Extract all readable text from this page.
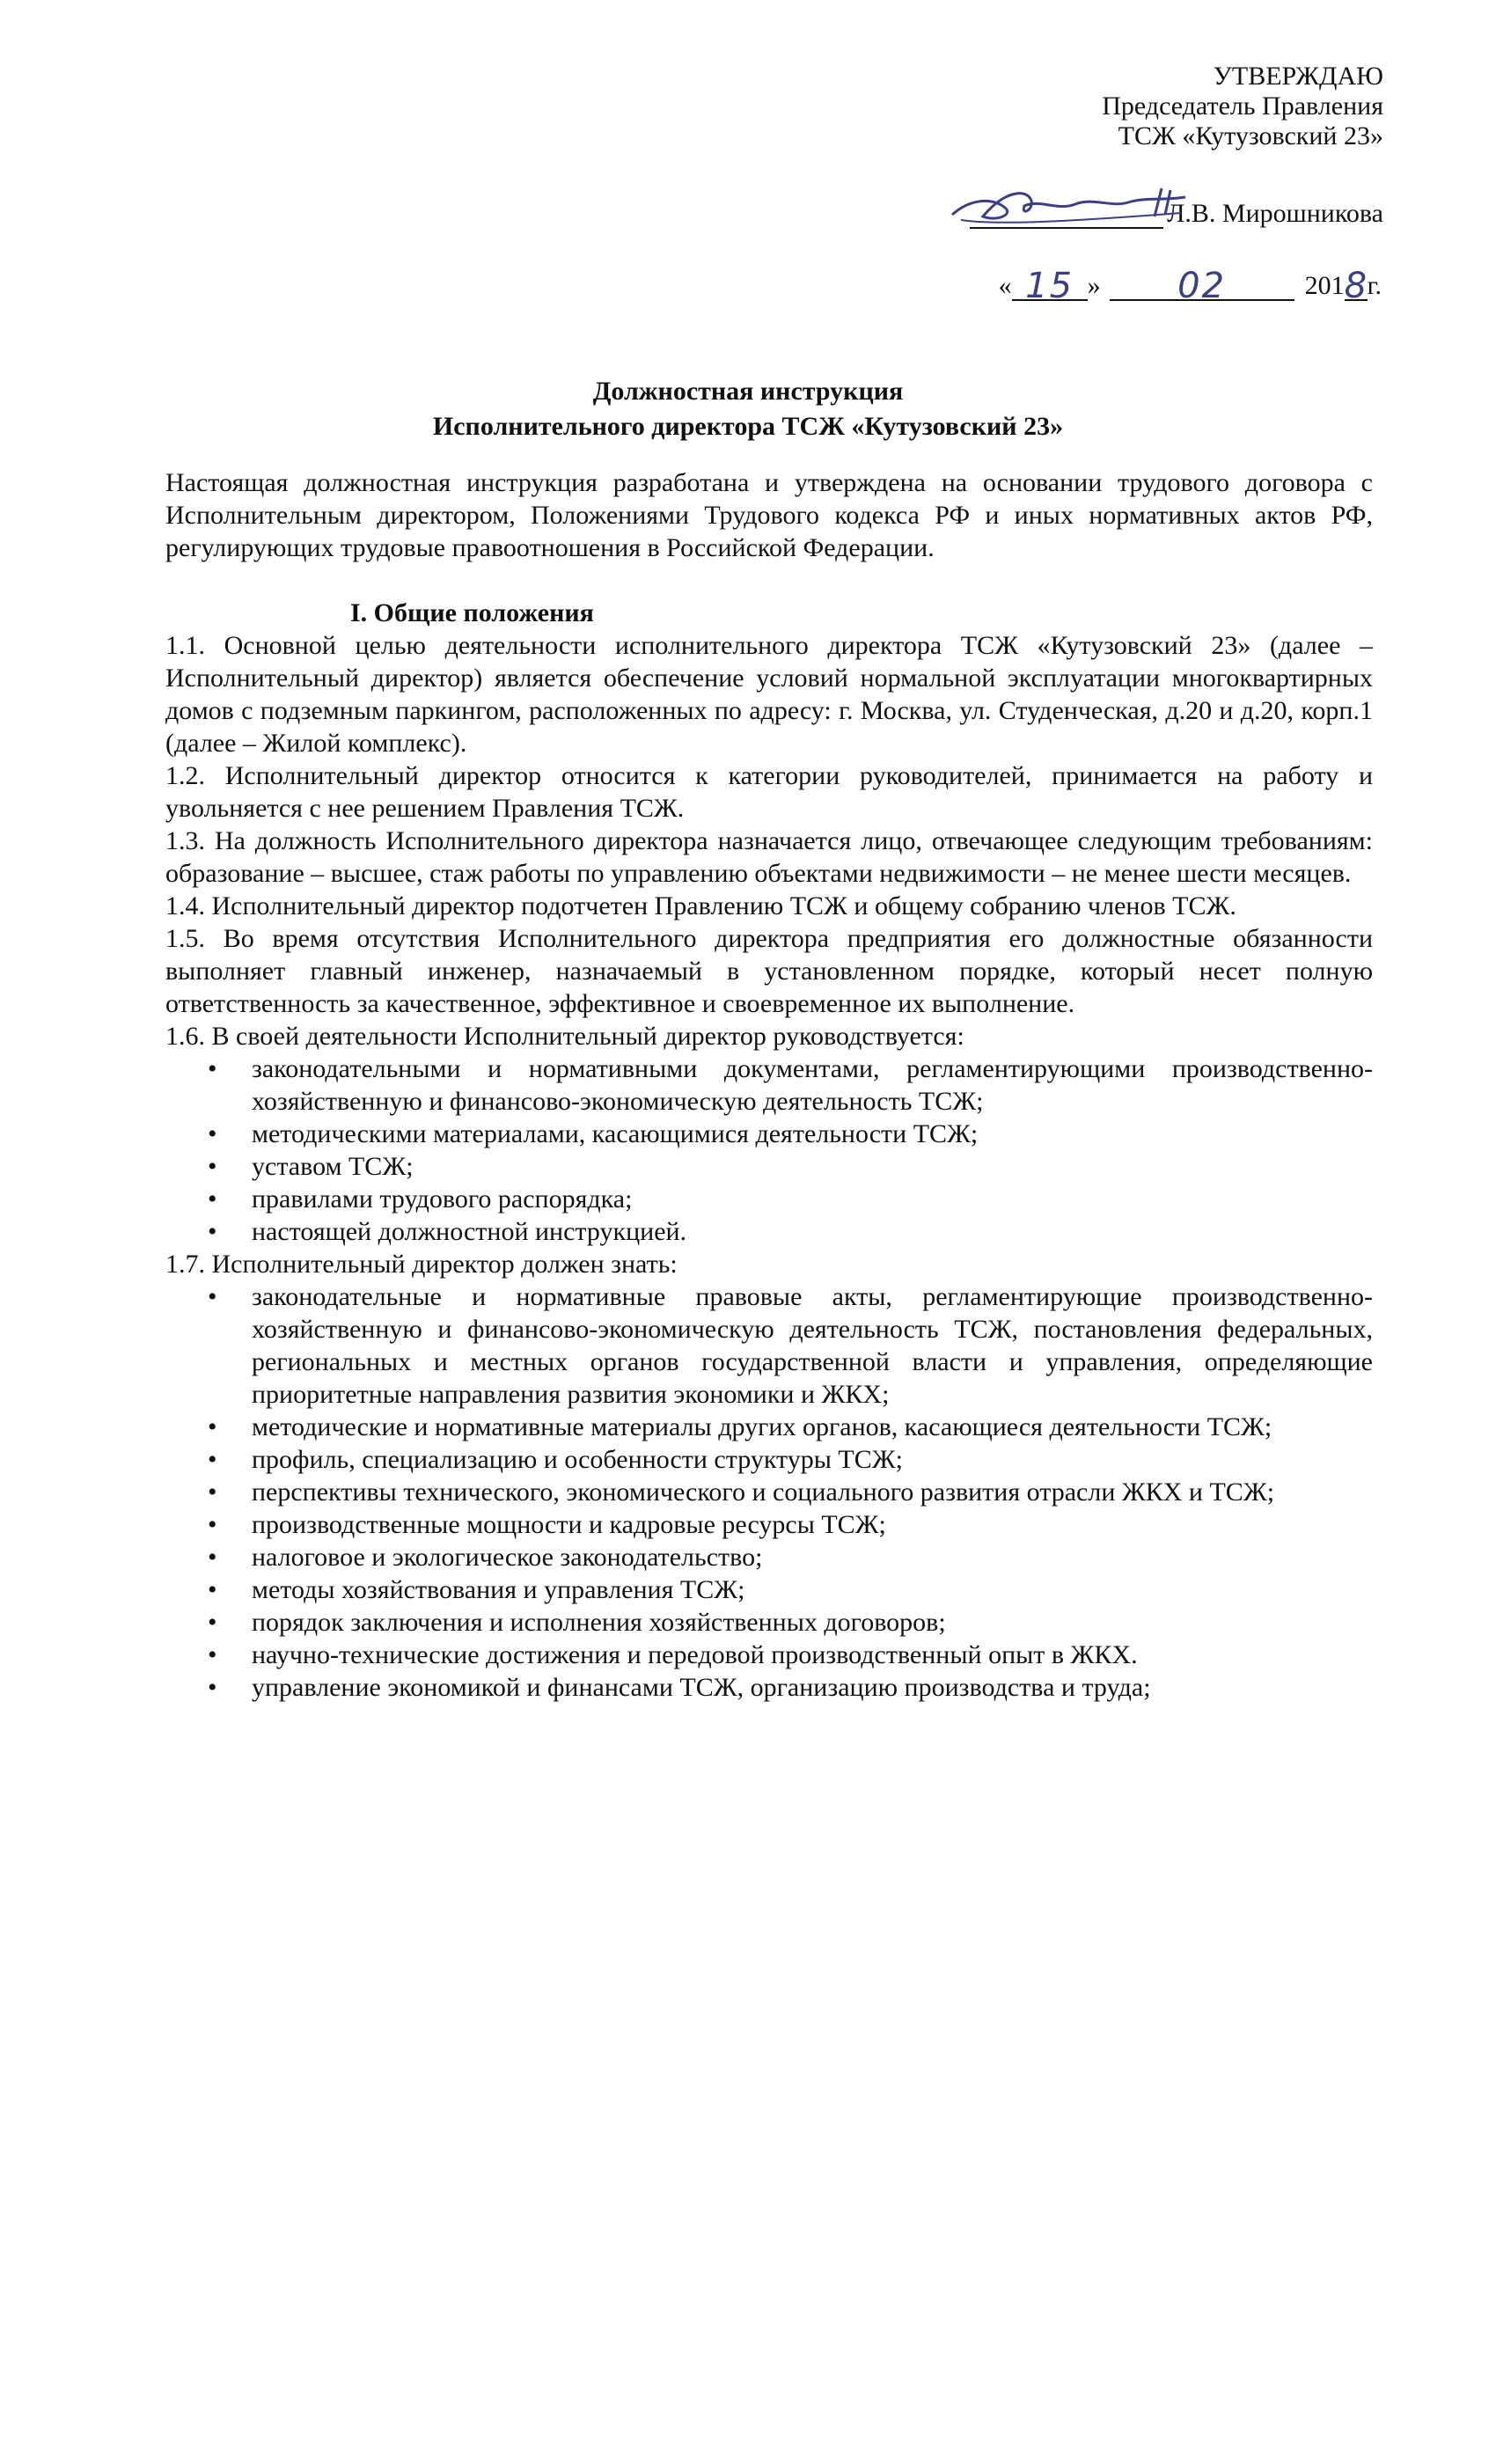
УТВЕРЖДАЮ
Председатель Правления
ТСЖ «Кутузовский 23»
Л.В. Мирошникова
« 15 »	02	201 8
г.
Должностная инструкция
Исполнительного директора ТСЖ «Кутузовский 23»

Настоящая должностная инструкция разработана и утверждена на основании трудового договора с Исполнительным директором, Положениями Трудового кодекса РФ и иных нормативных актов РФ, регулирующих трудовые правоотношения в Российской Федерации.

I. Общие положения

1.1. Основной целью деятельности исполнительного директора ТСЖ «Кутузовский 23» (далее – Исполнительный директор) является обеспечение условий нормальной эксплуатации многоквартирных домов с подземным паркингом, расположенных по адресу: г. Москва, ул. Студенческая, д.20 и д.20, корп.1 (далее – Жилой комплекс).

1.2. Исполнительный директор относится к категории руководителей, принимается на работу и увольняется с нее решением Правления ТСЖ.

1.3. На должность Исполнительного директора назначается лицо, отвечающее следующим требованиям: образование – высшее, стаж работы по управлению объектами недвижимости – не менее шести месяцев.

1.4. Исполнительный директор подотчетен Правлению ТСЖ и общему собранию членов ТСЖ.

1.5. Во время отсутствия Исполнительного директора предприятия его должностные обязанности выполняет главный инженер, назначаемый в установленном порядке, который несет полную ответственность за качественное, эффективное и своевременное их выполнение.

1.6. В своей деятельности Исполнительный директор руководствуется:

• законодательными и нормативными документами, регламентирующими производственно-хозяйственную и финансово-экономическую деятельность ТСЖ;
• методическими материалами, касающимися деятельности ТСЖ;
• уставом ТСЖ;
• правилами трудового распорядка;
• настоящей должностной инструкцией.

1.7. Исполнительный директор должен знать:

• законодательные и нормативные правовые акты, регламентирующие производственно-хозяйственную и финансово-экономическую деятельность ТСЖ, постановления федеральных, региональных и местных органов государственной власти и управления, определяющие приоритетные направления развития экономики и ЖКХ;
• методические и нормативные материалы других органов, касающиеся деятельности ТСЖ;
• профиль, специализацию и особенности структуры ТСЖ;
• перспективы технического, экономического и социального развития отрасли ЖКХ и ТСЖ;
• производственные мощности и кадровые ресурсы ТСЖ;
• налоговое и экологическое законодательство;
• методы хозяйствования и управления ТСЖ;
• порядок заключения и исполнения хозяйственных договоров;
• научно-технические достижения и передовой производственный опыт в ЖКХ.
• управление экономикой и финансами ТСЖ, организацию производства и труда;
